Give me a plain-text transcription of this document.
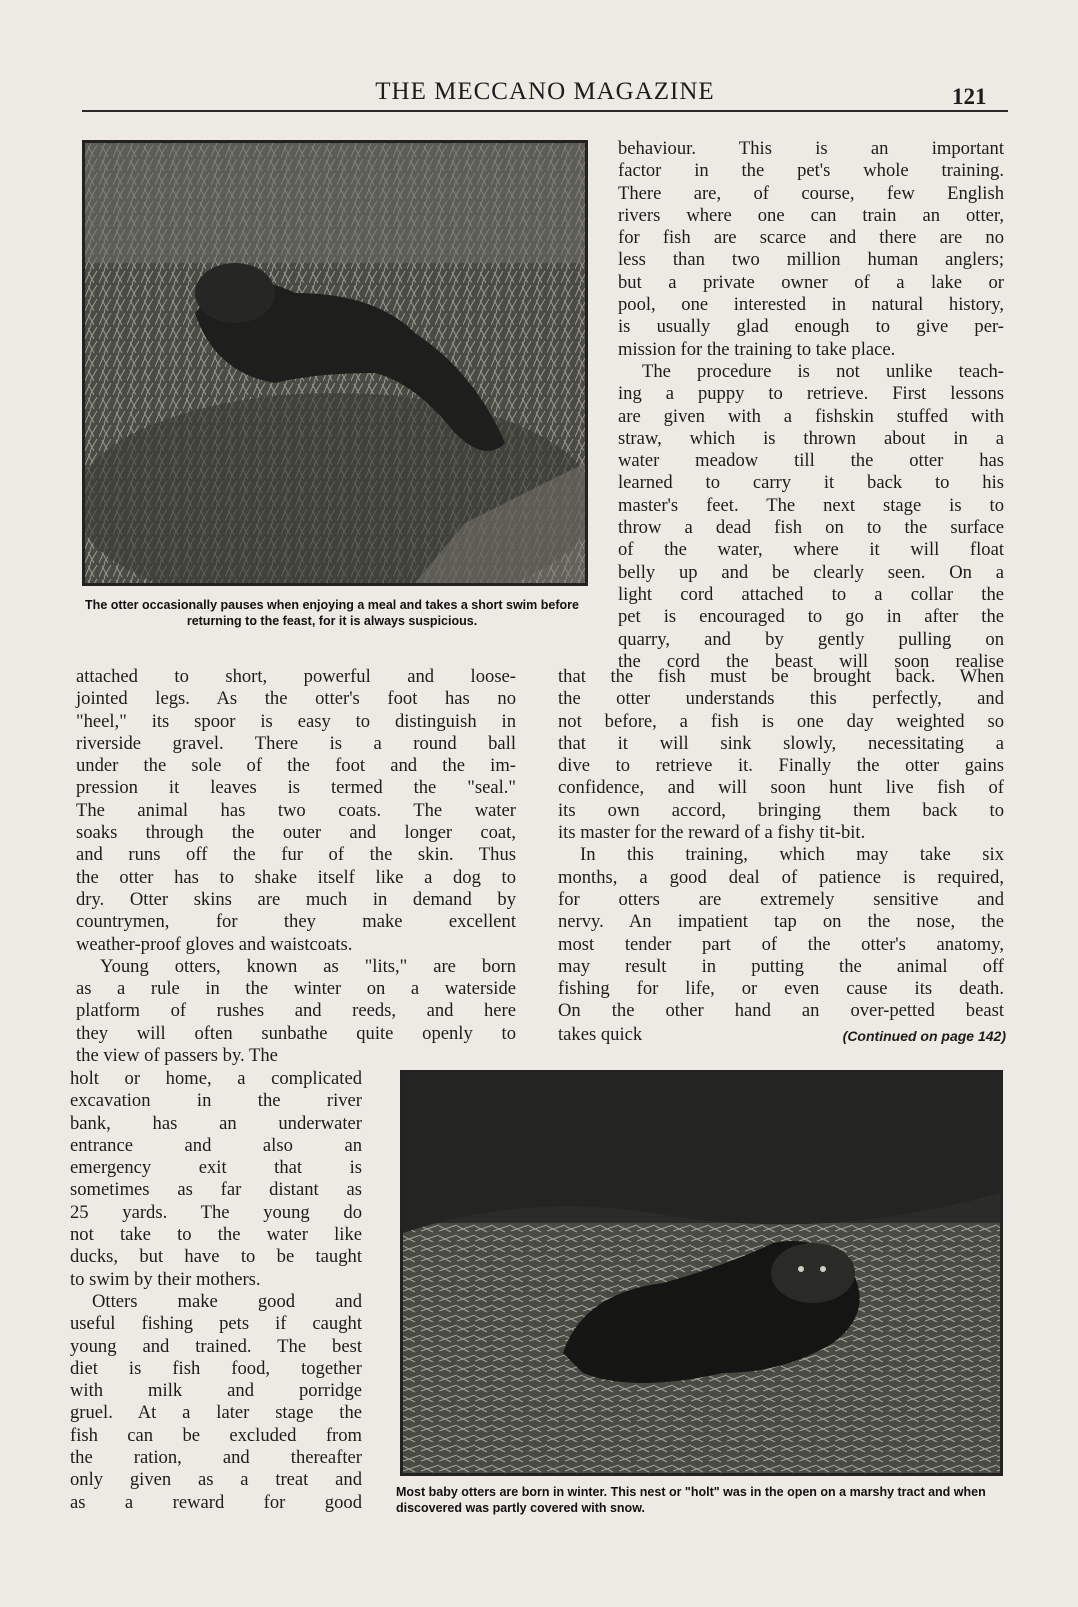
THE MECCANO MAGAZINE	121
The otter occasionally pauses when enjoying a meal and takes a short swim before returning to the feast, for it is always suspicious.
behaviour. This is an important
factor in the pet's whole training.
There are, of course, few English
rivers where one can train an otter,
for fish are scarce and there are no
less than two million human anglers;
but a private owner of a lake or
pool, one interested in natural history,
is usually glad enough to give per-
mission for the training to take place.
The procedure is not unlike teach-
ing a puppy to retrieve. First lessons
are given with a fishskin stuffed with
straw, which is thrown about in a
water meadow till the otter has
learned to carry it back to his
master's feet. The next stage is to
throw a dead fish on to the surface
of the water, where it will float
belly up and be clearly seen. On a
light cord attached to a collar the
pet is encouraged to go in after the
quarry, and by gently pulling on
the cord the beast will soon realise
attached to short, powerful and loose-
jointed legs. As the otter's foot has no
"heel," its spoor is easy to distinguish in
riverside gravel. There is a round ball
under the sole of the foot and the im-
pression it leaves is termed the "seal."
The animal has two coats. The water
soaks through the outer and longer coat,
and runs off the fur of the skin. Thus
the otter has to shake itself like a dog to
dry. Otter skins are much in demand by
countrymen, for they make excellent
weather-proof gloves and waistcoats.
Young otters, known as "lits," are born
as a rule in the winter on a waterside
platform of rushes and reeds, and here
they will often sunbathe quite openly to
the view of passers by. The
that the fish must be brought back. When
the otter understands this perfectly, and
not before, a fish is one day weighted so
that it will sink slowly, necessitating a
dive to retrieve it. Finally the otter gains
confidence, and will soon hunt live fish of
its own accord, bringing them back to
its master for the reward of a fishy tit-bit.
In this training, which may take six
months, a good deal of patience is required,
for otters are extremely sensitive and
nervy. An impatient tap on the nose, the
most tender part of the otter's anatomy,
may result in putting the animal off
fishing for life, or even cause its death.
On the other hand an over-petted beast
takes quick	(Continued on page 142)
holt or home, a complicated
excavation in the river
bank, has an underwater
entrance and also an
emergency exit that is
sometimes as far distant as
25 yards. The young do
not take to the water like
ducks, but have to be taught
to swim by their mothers.
Otters make good and
useful fishing pets if caught
young and trained. The best
diet is fish food, together
with milk and porridge
gruel. At a later stage the
fish can be excluded from
the ration, and thereafter
only given as a treat and
as a reward for good	Most baby otters are born in winter. This nest or "holt" was in the open on a marshy tract and when discovered was partly covered with snow.
